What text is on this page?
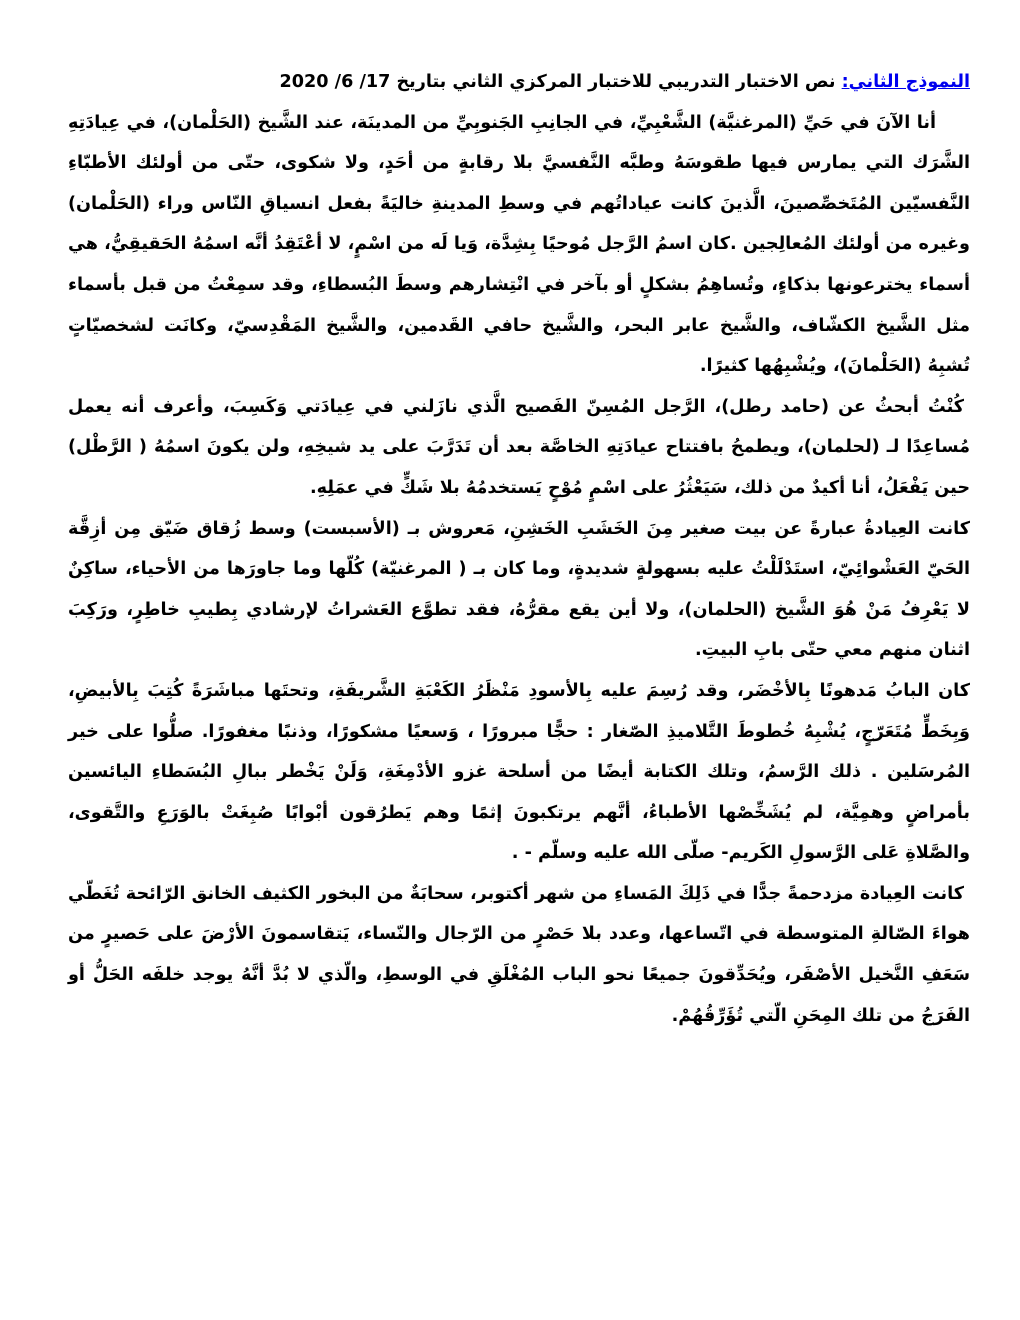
النموذج الثاني: نص الاختبار التدريبي للاختبار المركزي الثاني بتاريخ 17/ 6/ 2020

أنا الآنَ في حَيِّ (المرغنيَّة) الشَّعْبِيِّ، في الجانِبِ الجَنوبِيِّ من المدينَة، عند الشَّيخ (الحَلْمان)، في عِيادَتِهِ الشَّرَك التي يمارس فيها طقوسَهُ وطبَّه النَّفسيَّ بلا رقابةٍ من أحَدٍ، ولا شكوى، حتّى من أولئك الأطبّاءِ النَّفسيّين المُتَخصِّصينَ، الَّذينَ كانت عياداتُهم في وسطِ المدينةِ خاليَةً بفعل انسياقِ النّاس وراء (الحَلْمان) وغيره من أولئك المُعالِجين .كان اسمُ الرَّجل مُوحيًا بِشِدَّة، وَيا لَه من اسْمٍ، لا أعْتَقِدُ أنَّه اسمُهُ الحَقيقِيُّ، هي أسماء يخترعونها بذكاءٍ، وتُساهِمُ بشكلٍ أو بآخر في انْتِشارهم وسطَ البُسطاءِ، وقد سمِعْتُ من قبل بأسماء مثل الشَّيخ الكشّاف، والشَّيخ عابر البحر، والشَّيخ حافي القَدمين، والشَّيخ المَقْدِسيّ، وكانَت لشخصيّاتٍ تُشبِهُ (الحَلْمانَ)، ويُشْبِهُها كثيرًا.

كُنْتُ أبحثُ عن (حامد رطل)، الرَّجل المُسِنّ الفَصيح الَّذي نازَلني في عِيادَتي وَكَسِبَ، وأعرف أنه يعمل مُساعِدًا لـ (لحلمان)، ويطمحُ بافتتاح عيادَتِهِ الخاصَّة بعد أن تَدَرَّبَ على يد شيخِهِ، ولن يكونَ اسمُهُ ( الرَّطْل) حين يَفْعَلُ، أنا أكيدٌ من ذلك، سَيَعْثُرُ على اسْمٍ مُوْحٍ يَستخدمُهُ بلا شَكٍّ في عمَلِهِ.

كانت العِيادةُ عبارةً عن بيت صغير مِنَ الخَشَبِ الخَشِنِ، مَعروش بـ (الأسبست) وسط زُقاق ضَيّق مِن أزِقَّة الحَيّ العَشْوائِيّ، استَدْلَلْتُ عليه بسهولةٍ شديدةٍ، وما كان بـ ( المرغنيّة) كُلّها وما جاورَها من الأحياء، ساكِنٌ لا يَعْرِفُ مَنْ هُوَ الشَّيخ (الحلمان)، ولا أين يقع مقرُّهُ، فقد تطوَّع العَشراتُ لإرشادي بِطيبِ خاطِرٍ، ورَكِبَ اثنان منهم معي حتّى بابِ البيتِ.

كان البابُ مَدهونًا بِالأخْضَر، وقد رُسِمَ عليه بِالأسودِ مَنْظَرُ الكَعْبَةِ الشَّريفَةِ، وتحتَها مباشَرَةً كُتِبَ بِالأبيضِ، وَبِخَطٍّ مُتَعَرّجٍ، يُشْبِهُ خُطوطَ التَّلاميذِ الصّغار : حجًّا مبرورًا ، وَسعيًا مشكورًا، وذنبًا مغفورًا. صلُّوا على خير المُرسَلين . ذلك الرَّسمُ، وتلك الكتابة أيضًا من أسلحة غزو الأدْمِغَةِ، وَلَنْ يَخْطر ببالِ البُسَطاءِ اليائسين بأمراضٍ وهمِيَّة، لم يُشَخِّصْها الأطباءُ، أنَّهم يرتكبونَ إثمًا وهم يَطرُقون أبْوابًا صُبِغَتْ بالوَرَعِ والتَّقوى، والصَّلاةِ عَلى الرَّسولِ الكَريم- صلّى الله عليه وسلّم - .

كانت العِيادة مزدحمةً جدًّا في ذَلِكَ المَساءِ من شهر أكتوبر، سحابَةٌ من البخور الكثيف الخانق الرّائحة تُغَطّي هواءَ الصّالةِ المتوسطة في اتّساعها، وعدد بلا حَصْرٍ من الرّجال والنّساء، يَتقاسمونَ الأرْضَ على حَصيرٍ من سَعَفِ النَّخيل الأصْفَر، ويُحَدِّقونَ جميعًا نحو الباب المُغْلَقِ في الوسطِ، والّذي لا بُدَّ أنَّهُ يوجد خلفَه الحَلُّ أو الفَرَجُ من تلك المِحَنِ الّتي تُؤَرِّقُهُمْ.
